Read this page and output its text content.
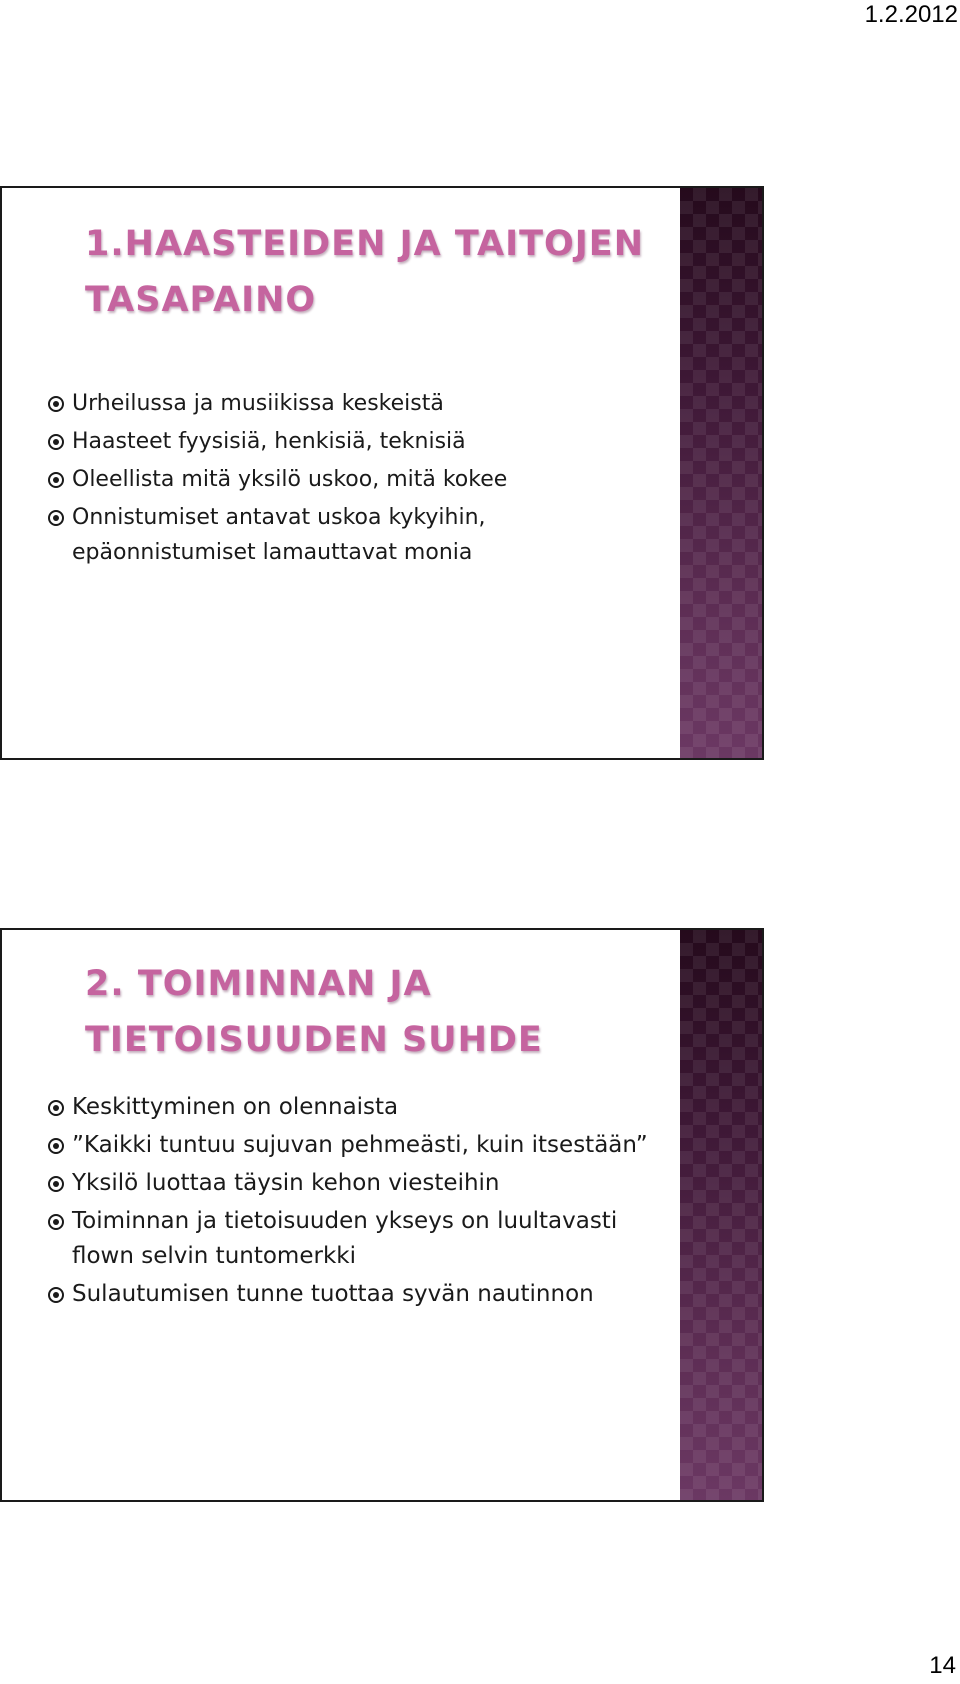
1.2.2012
1.HAASTEIDEN JA TAITOJEN
TASAPAINO
Urheilussa ja musiikissa keskeistä
Haasteet fyysisiä, henkisiä, teknisiä
Oleellista mitä yksilö uskoo, mitä kokee
Onnistumiset antavat uskoa kykyihin, epäonnistumiset lamauttavat monia
2. TOIMINNAN JA
TIETOISUUDEN SUHDE
Keskittyminen on olennaista
”Kaikki tuntuu sujuvan pehmeästi, kuin itsestään”
Yksilö luottaa täysin kehon viesteihin
Toiminnan ja tietoisuuden ykseys on luultavasti flown selvin tuntomerkki
Sulautumisen tunne tuottaa syvän nautinnon
14
